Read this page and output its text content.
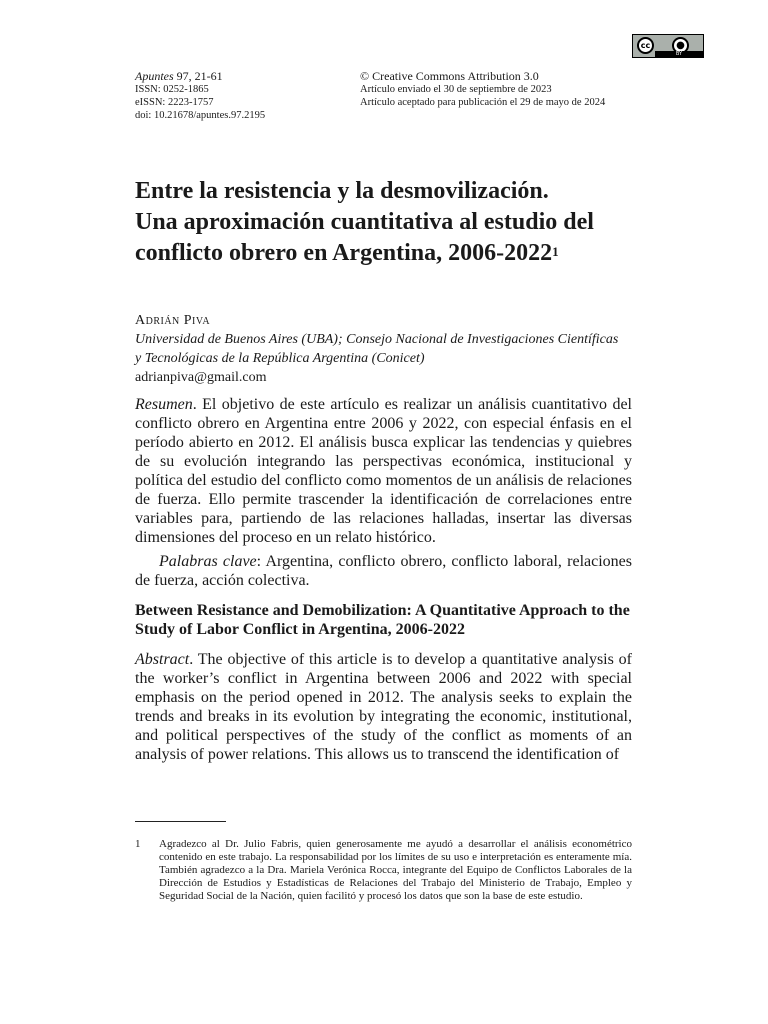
cc	●
BY
Apuntes 97, 21-61
ISSN: 0252-1865
eISSN: 2223-1757
doi: 10.21678/apuntes.97.2195
© Creative Commons Attribution 3.0
Artículo enviado el 30 de septiembre de 2023
Artículo aceptado para publicación el 29 de mayo de 2024
Entre la resistencia y la desmovilización.
Una aproximación cuantitativa al estudio del
conflicto obrero en Argentina, 2006-2022$^1$
Adrián Piva
Universidad de Buenos Aires (UBA); Consejo Nacional de Investigaciones Científicas
y Tecnológicas de la República Argentina (Conicet)
adrianpiva@gmail.com

Resumen. El objetivo de este artículo es realizar un análisis cuantitativo del conflicto obrero en Argentina entre 2006 y 2022, con especial énfasis en el período abierto en 2012. El análisis busca explicar las tendencias y quiebres de su evolución integrando las perspectivas económica, institucional y política del estudio del conflicto como momentos de un análisis de relaciones de fuerza. Ello permite trascender la identificación de correlaciones entre variables para, partiendo de las relaciones halladas, insertar las diversas dimensiones del proceso en un relato histórico.

Palabras clave: Argentina, conflicto obrero, conflicto laboral, relaciones de fuerza, acción colectiva.

Between Resistance and Demobilization: A Quantitative Approach to the Study of Labor Conflict in Argentina, 2006-2022

Abstract. The objective of this article is to develop a quantitative analysis of the worker’s conflict in Argentina between 2006 and 2022 with special emphasis on the period opened in 2012. The analysis seeks to explain the trends and breaks in its evolution by integrating the economic, institutional, and political perspectives of the study of the conflict as moments of an analysis of power relations. This allows us to transcend the identification of

1 Agradezco al Dr. Julio Fabris, quien generosamente me ayudó a desarrollar el análisis econométrico contenido en este trabajo. La responsabilidad por los límites de su uso e interpretación es enteramente mía. También agradezco a la Dra. Mariela Verónica Rocca, integrante del Equipo de Conflictos Laborales de la Dirección de Estudios y Estadísticas de Relaciones del Trabajo del Ministerio de Trabajo, Empleo y Seguridad Social de la Nación, quien facilitó y procesó los datos que son la base de este estudio.
